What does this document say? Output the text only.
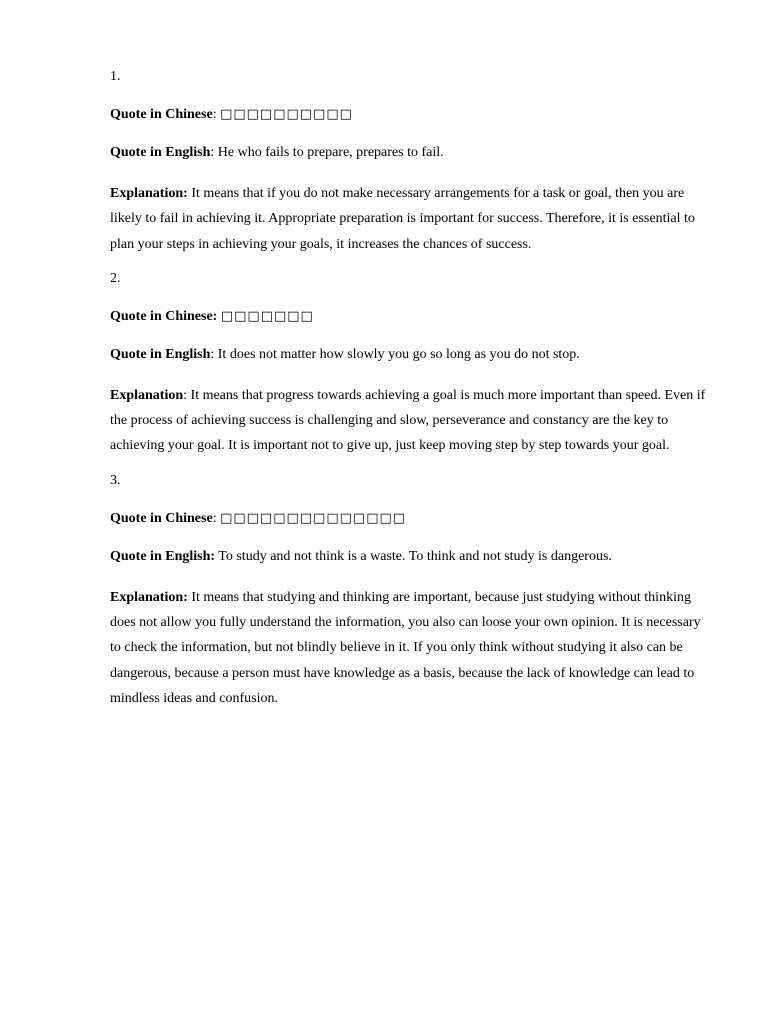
1.

Quote in Chinese: □□□□□□□□□□

Quote in English: He who fails to prepare, prepares to fail.

Explanation: It means that if you do not make necessary arrangements for a task or goal, then you are likely to fail in achieving it. Appropriate preparation is important for success. Therefore, it is essential to plan your steps in achieving your goals, it increases the chances of success.

2.

Quote in Chinese: □□□□□□□

Quote in English: It does not matter how slowly you go so long as you do not stop.

Explanation: It means that progress towards achieving a goal is much more important than speed. Even if the process of achieving success is challenging and slow, perseverance and constancy are the key to achieving your goal. It is important not to give up, just keep moving step by step towards your goal.

3.

Quote in Chinese: □□□□□□□□□□□□□□

Quote in English: To study and not think is a waste. To think and not study is dangerous.

Explanation: It means that studying and thinking are important, because just studying without thinking does not allow you fully understand the information, you also can loose your own opinion. It is necessary to check the information, but not blindly believe in it. If you only think without studying it also can be dangerous, because a person must have knowledge as a basis, because the lack of knowledge can lead to mindless ideas and confusion.
